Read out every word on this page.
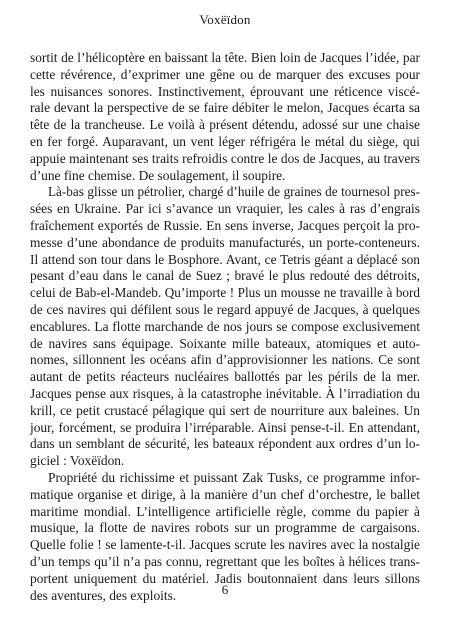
Voxëïdon
sortit de l’hélicoptère en baissant la tête. Bien loin de Jacques l’idée, par
cette révérence, d’exprimer une gêne ou de marquer des excuses pour
les nuisances sonores. Instinctivement, éprouvant une réticence viscé-
rale devant la perspective de se faire débiter le melon, Jacques écarta sa
tête de la trancheuse. Le voilà à présent détendu, adossé sur une chaise
en fer forgé. Auparavant, un vent léger réfrigéra le métal du siège, qui
appuie maintenant ses traits refroidis contre le dos de Jacques, au travers
d’une fine chemise. De soulagement, il soupire.
Là-bas glisse un pétrolier, chargé d’huile de graines de tournesol pres-
sées en Ukraine. Par ici s’avance un vraquier, les cales à ras d’engrais
fraîchement exportés de Russie. En sens inverse, Jacques perçoit la pro-
messe d’une abondance de produits manufacturés, un porte-conteneurs.
Il attend son tour dans le Bosphore. Avant, ce Tetris géant a déplacé son
pesant d’eau dans le canal de Suez ; bravé le plus redouté des détroits,
celui de Bab-el-Mandeb. Qu’importe ! Plus un mousse ne travaille à bord
de ces navires qui défilent sous le regard appuyé de Jacques, à quelques
encablures. La flotte marchande de nos jours se compose exclusivement
de navires sans équipage. Soixante mille bateaux, atomiques et auto-
nomes, sillonnent les océans afin d’approvisionner les nations. Ce sont
autant de petits réacteurs nucléaires ballottés par les périls de la mer.
Jacques pense aux risques, à la catastrophe inévitable. À l’irradiation du
krill, ce petit crustacé pélagique qui sert de nourriture aux baleines. Un
jour, forcément, se produira l’irréparable. Ainsi pense-t-il. En attendant,
dans un semblant de sécurité, les bateaux répondent aux ordres d’un lo-
giciel : Voxëïdon.
Propriété du richissime et puissant Zak Tusks, ce programme infor-
matique organise et dirige, à la manière d’un chef d’orchestre, le ballet
maritime mondial. L’intelligence artificielle règle, comme du papier à
musique, la flotte de navires robots sur un programme de cargaisons.
Quelle folie ! se lamente-t-il. Jacques scrute les navires avec la nostalgie
d’un temps qu’il n’a pas connu, regrettant que les boîtes à hélices trans-
portent uniquement du matériel. Jadis boutonnaient dans leurs sillons
des aventures, des exploits.	6
